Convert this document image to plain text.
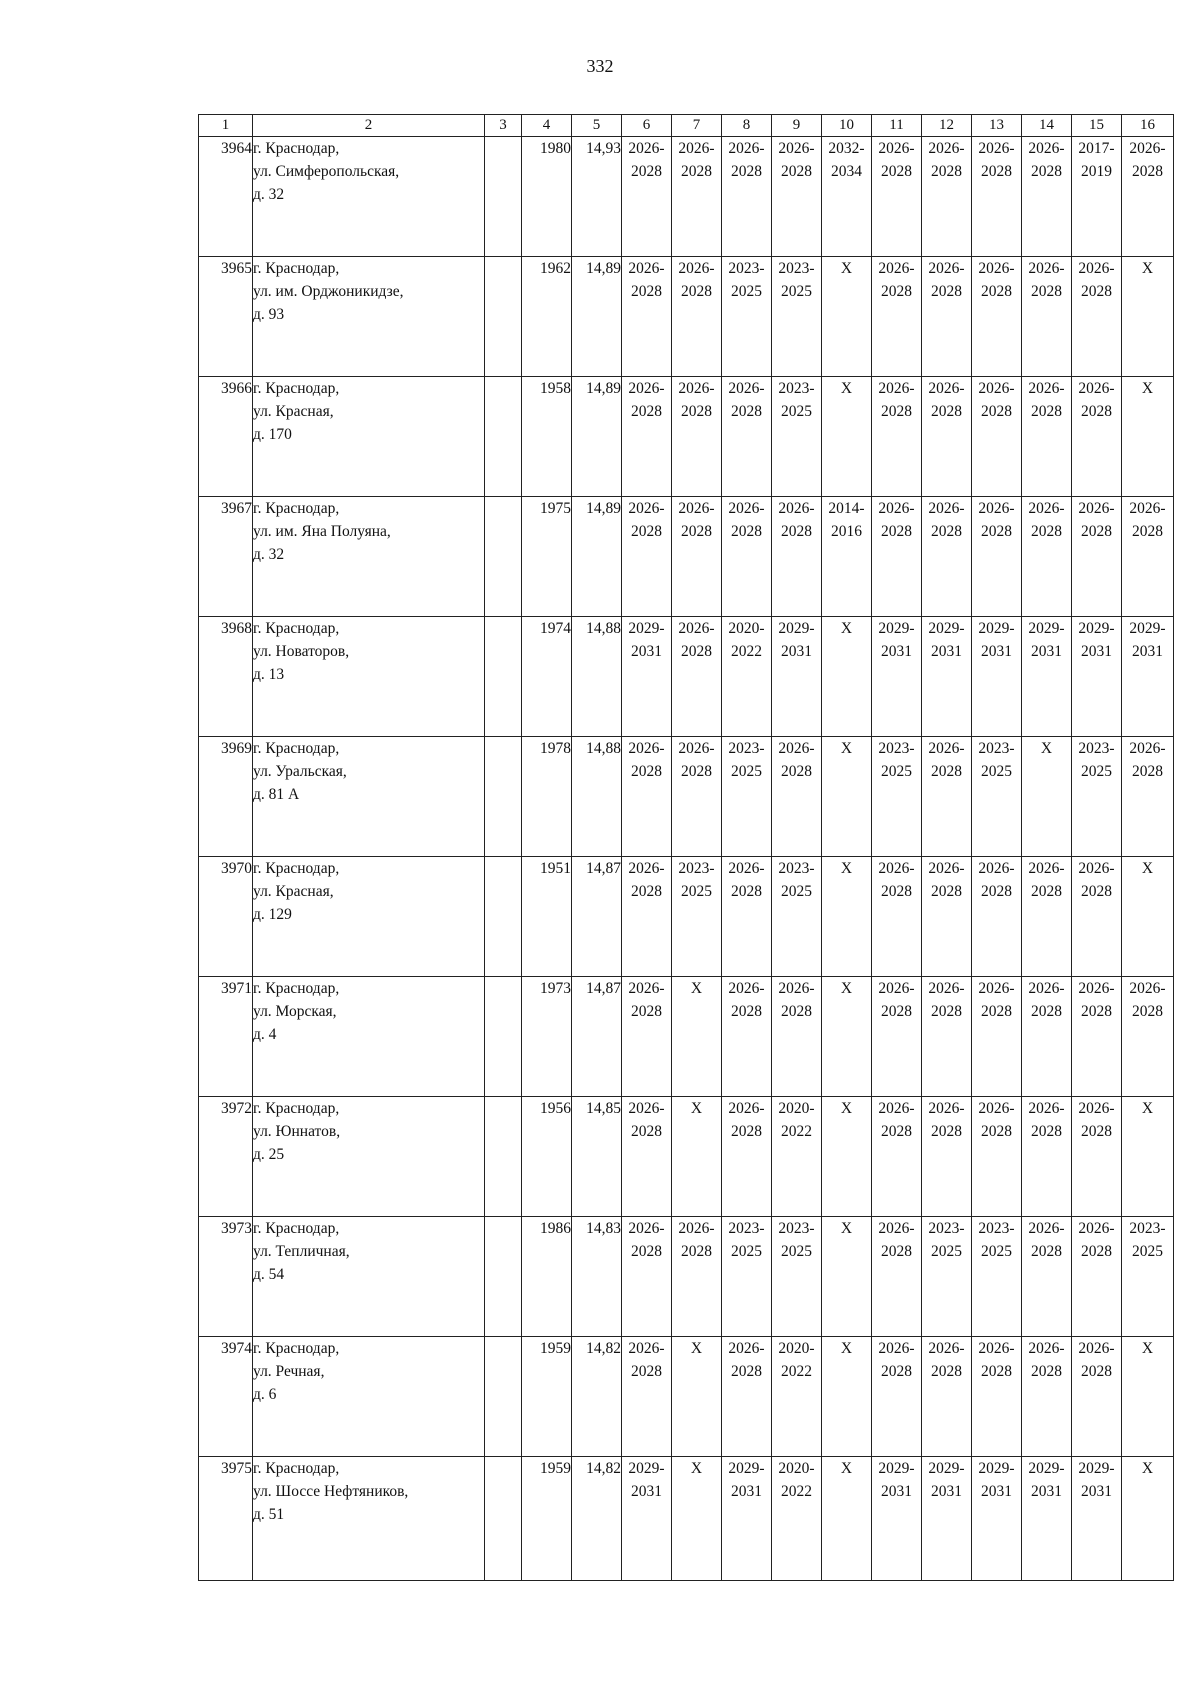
332
1	2	3	4	5	6	7	8	9	10	11	12	13	14	15	16
3964	г. Краснодар,
ул. Симферопольская,
д. 32		1980	14,93	2026-
2028	2026-
2028	2026-
2028	2026-
2028	2032-
2034	2026-
2028	2026-
2028	2026-
2028	2026-
2028	2017-
2019	2026-
2028

3965	г. Краснодар,
ул. им. Орджоникидзе,
д. 93		1962	14,89	2026-
2028	2026-
2028	2023-
2025	2023-
2025	Х	2026-
2028	2026-
2028	2026-
2028	2026-
2028	2026-
2028	Х

3966	г. Краснодар,
ул. Красная,
д. 170		1958	14,89	2026-
2028	2026-
2028	2026-
2028	2023-
2025	Х	2026-
2028	2026-
2028	2026-
2028	2026-
2028	2026-
2028	Х

3967	г. Краснодар,
ул. им. Яна Полуяна,
д. 32		1975	14,89	2026-
2028	2026-
2028	2026-
2028	2026-
2028	2014-
2016	2026-
2028	2026-
2028	2026-
2028	2026-
2028	2026-
2028	2026-
2028

3968	г. Краснодар,
ул. Новаторов,
д. 13		1974	14,88	2029-
2031	2026-
2028	2020-
2022	2029-
2031	Х	2029-
2031	2029-
2031	2029-
2031	2029-
2031	2029-
2031	2029-
2031

3969	г. Краснодар,
ул. Уральская,
д. 81 А		1978	14,88	2026-
2028	2026-
2028	2023-
2025	2026-
2028	Х	2023-
2025	2026-
2028	2023-
2025	Х	2023-
2025	2026-
2028

3970	г. Краснодар,
ул. Красная,
д. 129		1951	14,87	2026-
2028	2023-
2025	2026-
2028	2023-
2025	Х	2026-
2028	2026-
2028	2026-
2028	2026-
2028	2026-
2028	Х

3971	г. Краснодар,
ул. Морская,
д. 4		1973	14,87	2026-
2028	Х	2026-
2028	2026-
2028	Х	2026-
2028	2026-
2028	2026-
2028	2026-
2028	2026-
2028	2026-
2028

3972	г. Краснодар,
ул. Юннатов,
д. 25		1956	14,85	2026-
2028	Х	2026-
2028	2020-
2022	Х	2026-
2028	2026-
2028	2026-
2028	2026-
2028	2026-
2028	Х

3973	г. Краснодар,
ул. Тепличная,
д. 54		1986	14,83	2026-
2028	2026-
2028	2023-
2025	2023-
2025	Х	2026-
2028	2023-
2025	2023-
2025	2026-
2028	2026-
2028	2023-
2025

3974	г. Краснодар,
ул. Речная,
д. 6		1959	14,82	2026-
2028	Х	2026-
2028	2020-
2022	Х	2026-
2028	2026-
2028	2026-
2028	2026-
2028	2026-
2028	Х

3975	г. Краснодар,
ул. Шоссе Нефтяников,
д. 51		1959	14,82	2029-
2031	Х	2029-
2031	2020-
2022	Х	2029-
2031	2029-
2031	2029-
2031	2029-
2031	2029-
2031	Х
